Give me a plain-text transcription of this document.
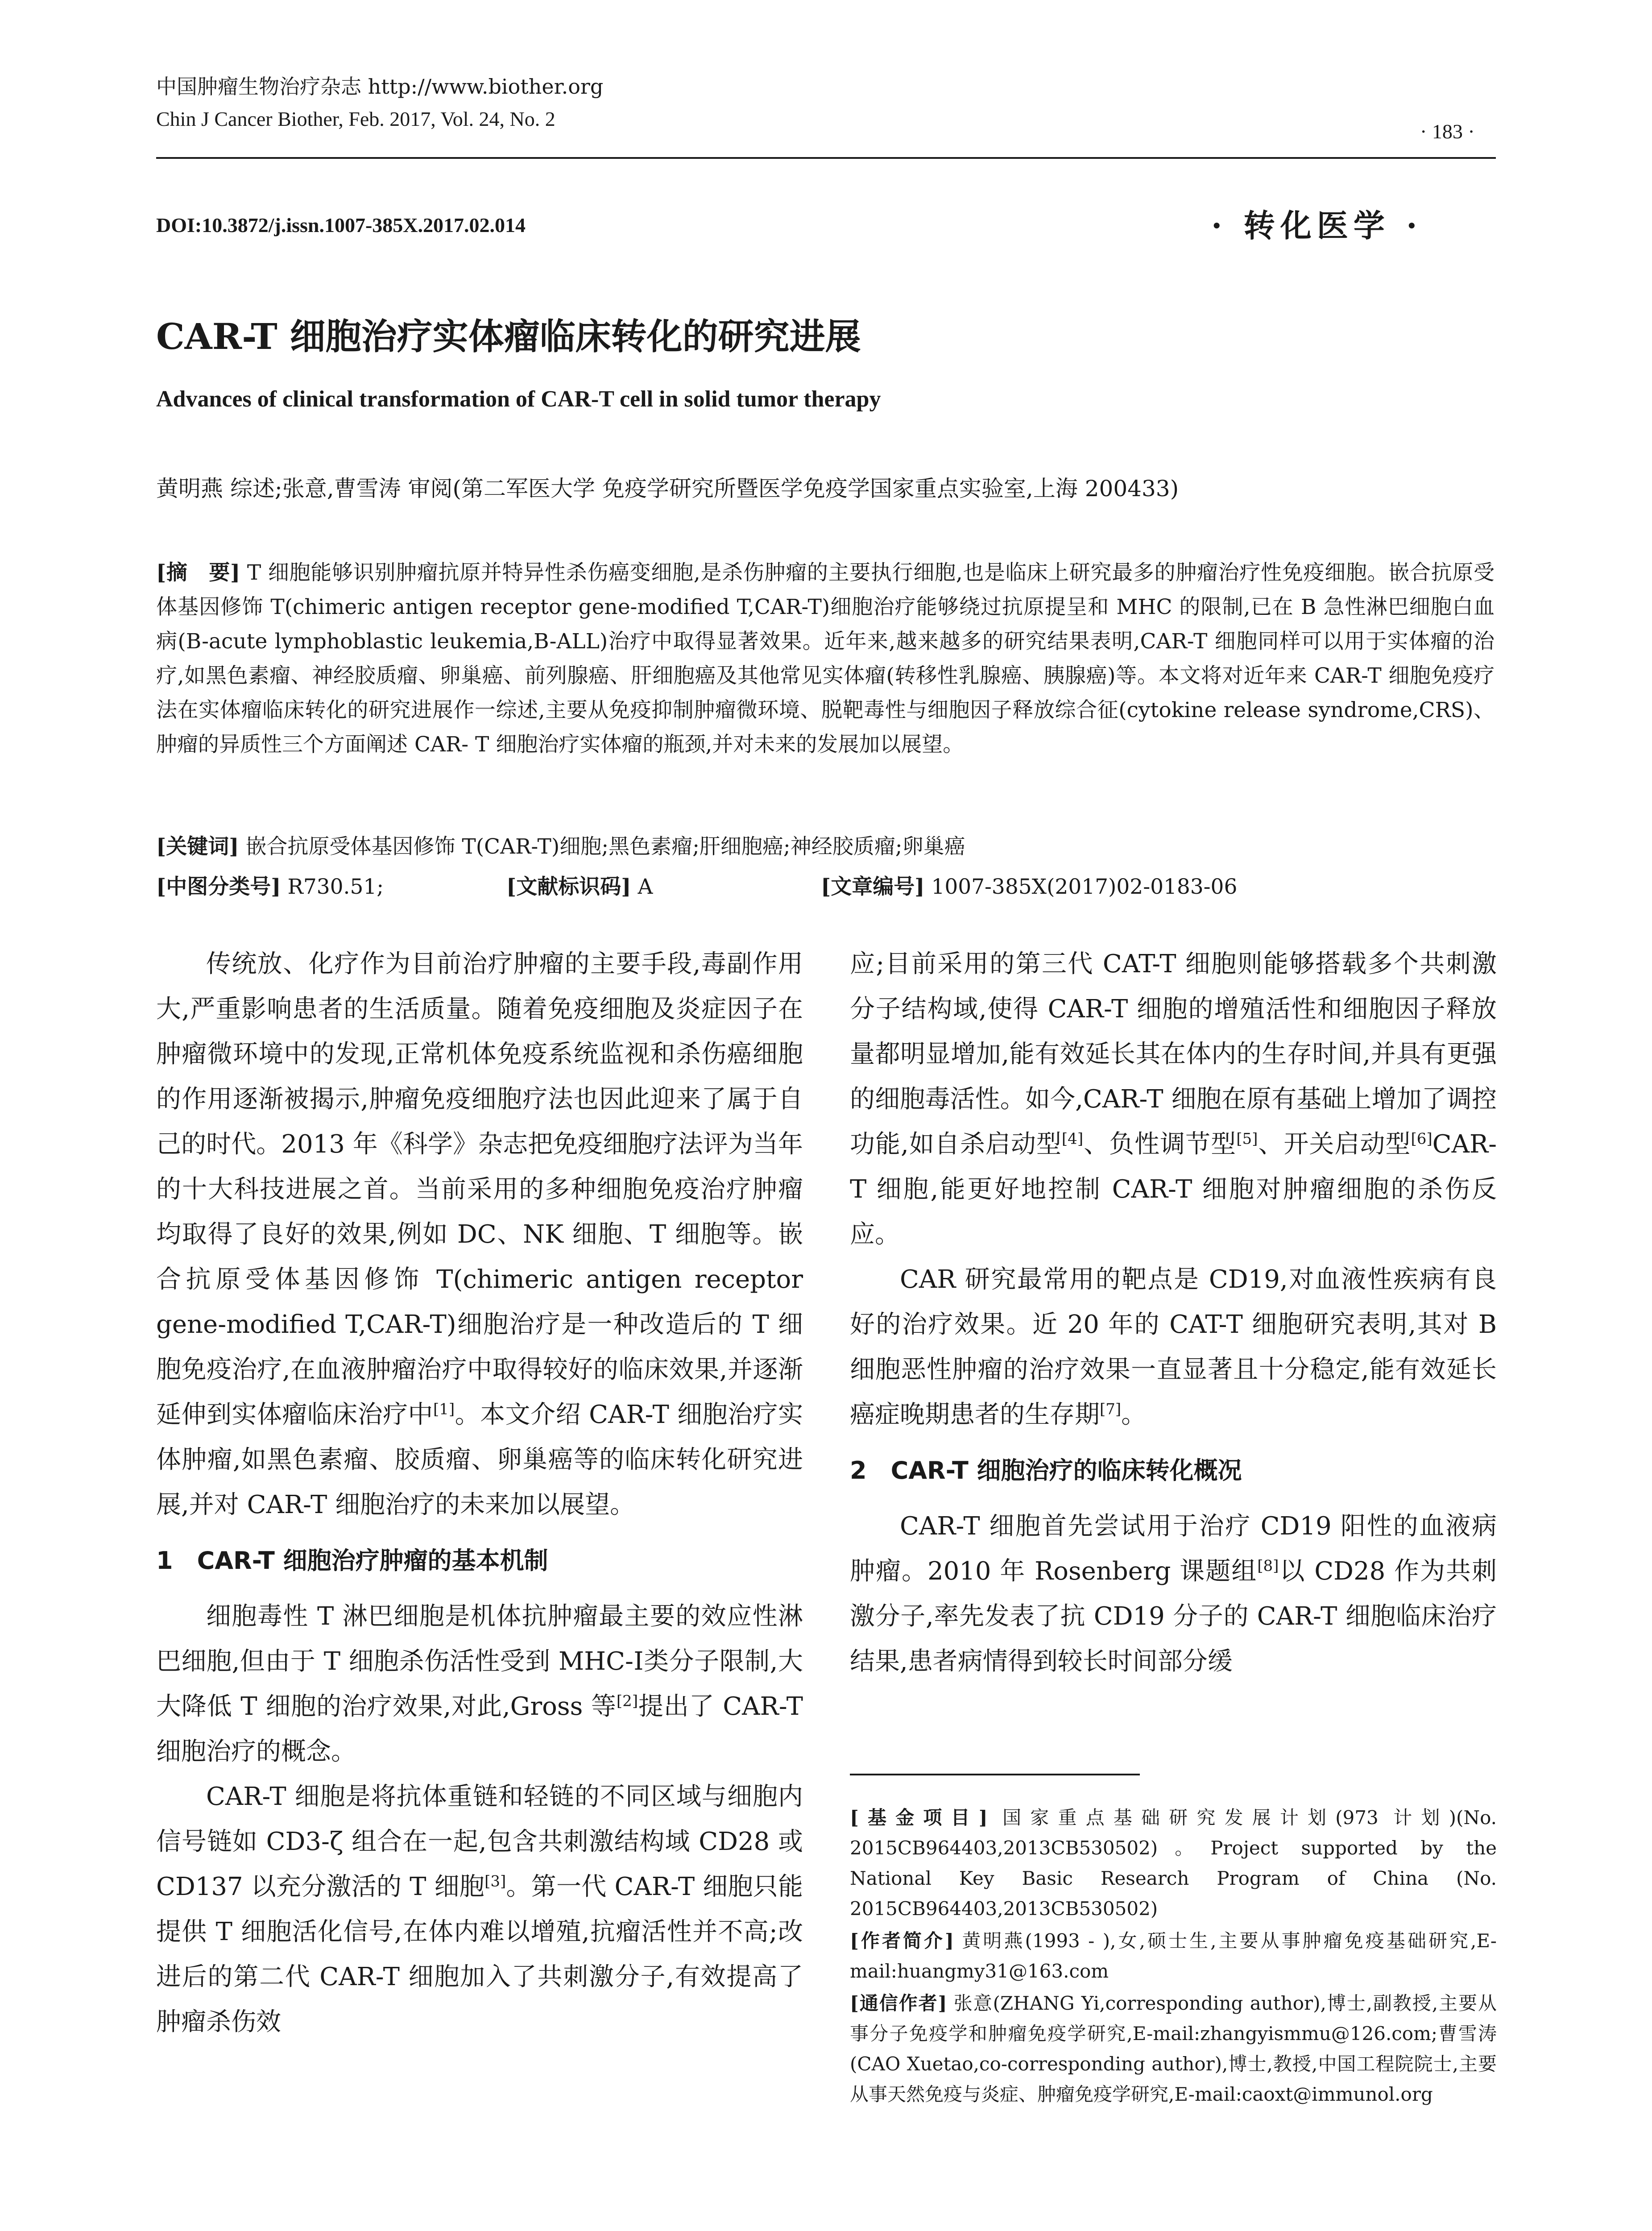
中国肿瘤生物治疗杂志 http://www.biother.org
Chin J Cancer Biother, Feb. 2017, Vol. 24, No. 2
· 183 ·
DOI:10.3872/j.issn.1007-385X.2017.02.014	· 转化医学 ·
CAR-T 细胞治疗实体瘤临床转化的研究进展
Advances of clinical transformation of CAR-T cell in solid tumor therapy
黄明燕 综述;张意,曹雪涛 审阅(第二军医大学 免疫学研究所暨医学免疫学国家重点实验室,上海 200433)
[摘　要] T 细胞能够识别肿瘤抗原并特异性杀伤癌变细胞,是杀伤肿瘤的主要执行细胞,也是临床上研究最多的肿瘤治疗性免疫细胞。嵌合抗原受体基因修饰 T(chimeric antigen receptor gene-modified T,CAR-T)细胞治疗能够绕过抗原提呈和 MHC 的限制,已在 B 急性淋巴细胞白血病(B-acute lymphoblastic leukemia,B-ALL)治疗中取得显著效果。近年来,越来越多的研究结果表明,CAR-T 细胞同样可以用于实体瘤的治疗,如黑色素瘤、神经胶质瘤、卵巢癌、前列腺癌、肝细胞癌及其他常见实体瘤(转移性乳腺癌、胰腺癌)等。本文将对近年来 CAR-T 细胞免疫疗法在实体瘤临床转化的研究进展作一综述,主要从免疫抑制肿瘤微环境、脱靶毒性与细胞因子释放综合征(cytokine release syndrome,CRS)、肿瘤的异质性三个方面阐述 CAR- T 细胞治疗实体瘤的瓶颈,并对未来的发展加以展望。
[关键词] 嵌合抗原受体基因修饰 T(CAR-T)细胞;黑色素瘤;肝细胞癌;神经胶质瘤;卵巢癌
[中图分类号] R730.51;	[文献标识码] A	[文章编号] 1007-385X(2017)02-0183-06

传统放、化疗作为目前治疗肿瘤的主要手段,毒副作用大,严重影响患者的生活质量。随着免疫细胞及炎症因子在肿瘤微环境中的发现,正常机体免疫系统监视和杀伤癌细胞的作用逐渐被揭示,肿瘤免疫细胞疗法也因此迎来了属于自己的时代。2013 年《科学》杂志把免疫细胞疗法评为当年的十大科技进展之首。当前采用的多种细胞免疫治疗肿瘤均取得了良好的效果,例如 DC、NK 细胞、T 细胞等。嵌合抗原受体基因修饰 T(chimeric antigen receptor gene-modified T,CAR-T)细胞治疗是一种改造后的 T 细胞免疫治疗,在血液肿瘤治疗中取得较好的临床效果,并逐渐延伸到实体瘤临床治疗中[1]。本文介绍 CAR-T 细胞治疗实体肿瘤,如黑色素瘤、胶质瘤、卵巢癌等的临床转化研究进展,并对 CAR-T 细胞治疗的未来加以展望。

1　CAR-T 细胞治疗肿瘤的基本机制

细胞毒性 T 淋巴细胞是机体抗肿瘤最主要的效应性淋巴细胞,但由于 T 细胞杀伤活性受到 MHC-Ⅰ类分子限制,大大降低 T 细胞的治疗效果,对此,Gross 等[2]提出了 CAR-T 细胞治疗的概念。

CAR-T 细胞是将抗体重链和轻链的不同区域与细胞内信号链如 CD3-ζ 组合在一起,包含共刺激结构域 CD28 或 CD137 以充分激活的 T 细胞[3]。第一代 CAR-T 细胞只能提供 T 细胞活化信号,在体内难以增殖,抗瘤活性并不高;改进后的第二代 CAR-T 细胞加入了共刺激分子,有效提高了肿瘤杀伤效

应;目前采用的第三代 CAT-T 细胞则能够搭载多个共刺激分子结构域,使得 CAR-T 细胞的增殖活性和细胞因子释放量都明显增加,能有效延长其在体内的生存时间,并具有更强的细胞毒活性。如今,CAR-T 细胞在原有基础上增加了调控功能,如自杀启动型[4]、负性调节型[5]、开关启动型[6]CAR-T 细胞,能更好地控制 CAR-T 细胞对肿瘤细胞的杀伤反应。

CAR 研究最常用的靶点是 CD19,对血液性疾病有良好的治疗效果。近 20 年的 CAT-T 细胞研究表明,其对 B 细胞恶性肿瘤的治疗效果一直显著且十分稳定,能有效延长癌症晚期患者的生存期[7]。

2　CAR-T 细胞治疗的临床转化概况

CAR-T 细胞首先尝试用于治疗 CD19 阳性的血液病肿瘤。2010 年 Rosenberg 课题组[8]以 CD28 作为共刺激分子,率先发表了抗 CD19 分子的 CAR-T 细胞临床治疗结果,患者病情得到较长时间部分缓

[基金项目] 国家重点基础研究发展计划(973 计划)(No. 2015CB964403,2013CB530502)。Project supported by the National Key Basic Research Program of China (No. 2015CB964403,2013CB530502)

[作者简介] 黄明燕(1993 - ),女,硕士生,主要从事肿瘤免疫基础研究,E-mail:huangmy31@163.com

[通信作者] 张意(ZHANG Yi,corresponding author),博士,副教授,主要从事分子免疫学和肿瘤免疫学研究,E-mail:zhangyismmu@126.com;曹雪涛(CAO Xuetao,co-corresponding author),博士,教授,中国工程院院士,主要从事天然免疫与炎症、肿瘤免疫学研究,E-mail:caoxt@immunol.org
